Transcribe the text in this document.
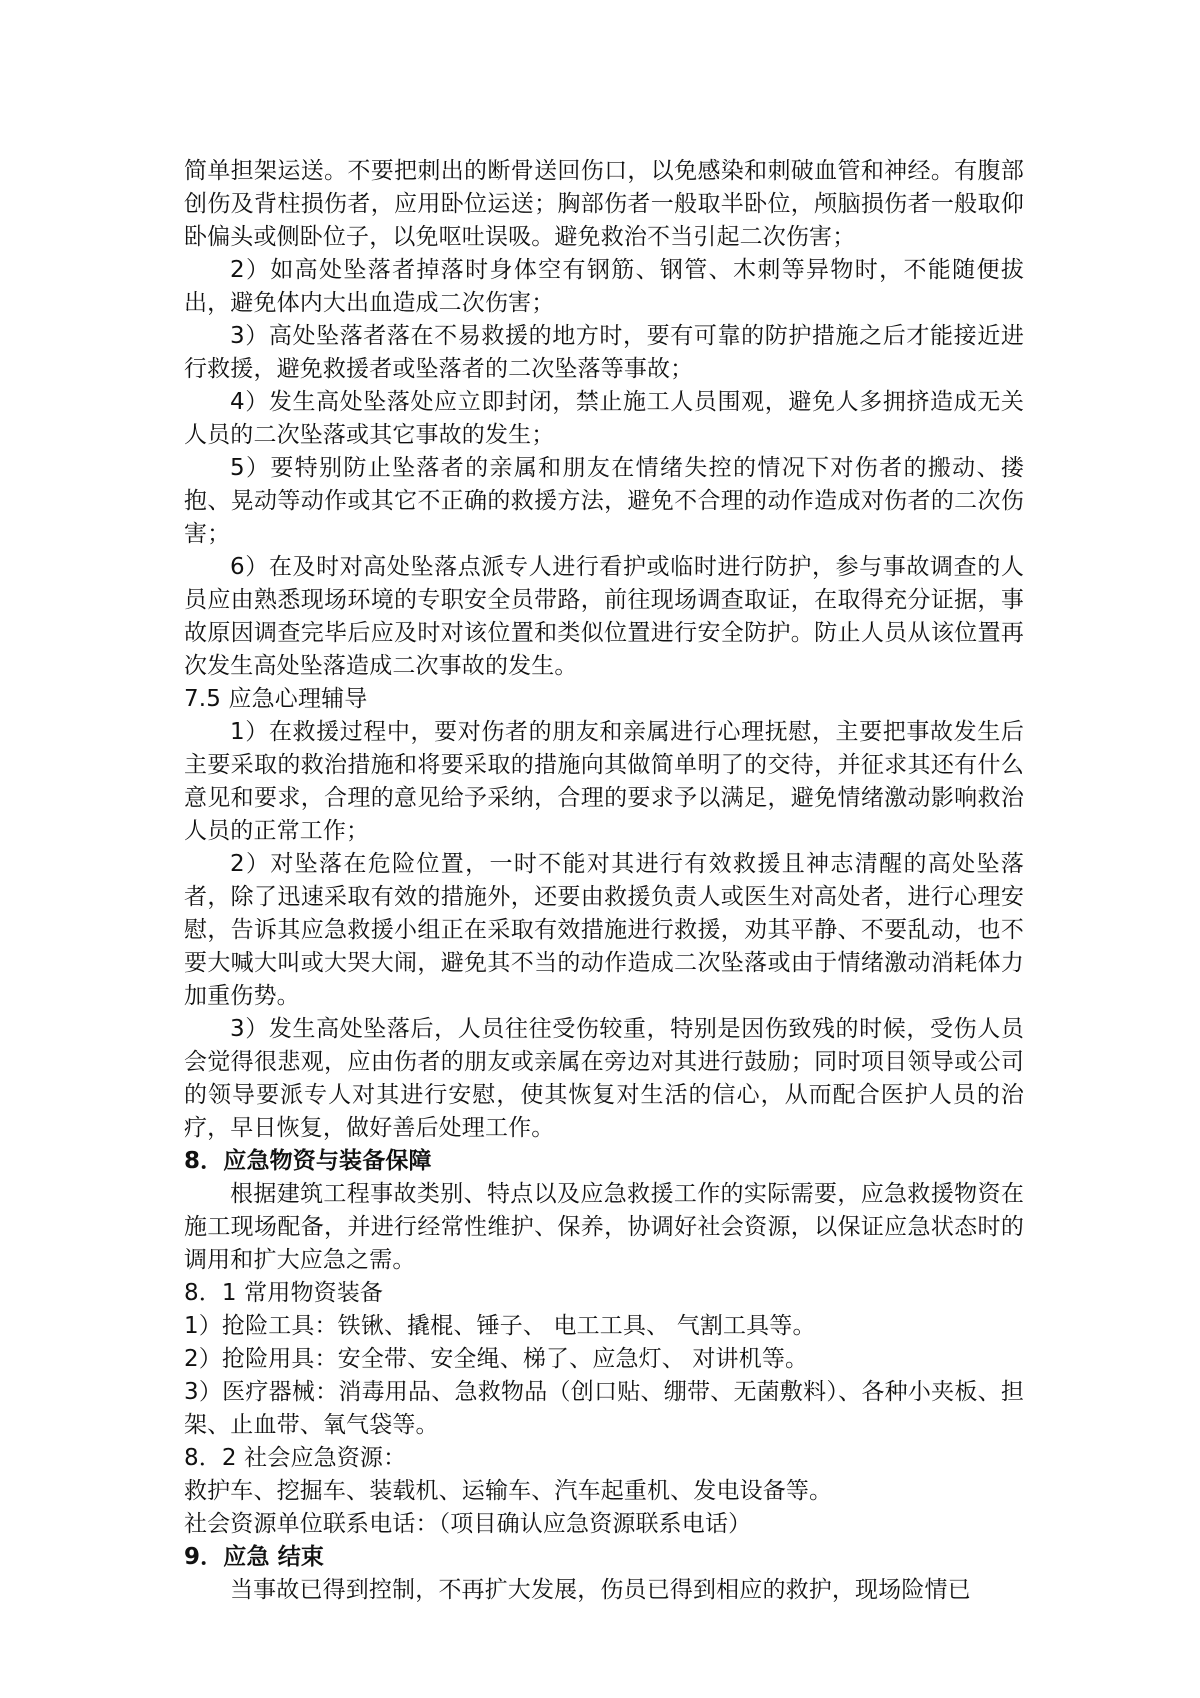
简单担架运送。不要把刺出的断骨送回伤口，以免感染和刺破血管和神经。有腹部创伤及背柱损伤者，应用卧位运送；胸部伤者一般取半卧位，颅脑损伤者一般取仰卧偏头或侧卧位子，以免呕吐误吸。避免救治不当引起二次伤害；

2）如高处坠落者掉落时身体空有钢筋、钢管、木刺等异物时，不能随便拔出，避免体内大出血造成二次伤害；

3）高处坠落者落在不易救援的地方时，要有可靠的防护措施之后才能接近进行救援，避免救援者或坠落者的二次坠落等事故；

4）发生高处坠落处应立即封闭，禁止施工人员围观，避免人多拥挤造成无关人员的二次坠落或其它事故的发生；

5）要特别防止坠落者的亲属和朋友在情绪失控的情况下对伤者的搬动、搂抱、晃动等动作或其它不正确的救援方法，避免不合理的动作造成对伤者的二次伤害；

6）在及时对高处坠落点派专人进行看护或临时进行防护，参与事故调查的人员应由熟悉现场环境的专职安全员带路，前往现场调查取证，在取得充分证据，事故原因调查完毕后应及时对该位置和类似位置进行安全防护。防止人员从该位置再次发生高处坠落造成二次事故的发生。

7.5 应急心理辅导

1）在救援过程中，要对伤者的朋友和亲属进行心理抚慰，主要把事故发生后主要采取的救治措施和将要采取的措施向其做简单明了的交待，并征求其还有什么意见和要求，合理的意见给予采纳，合理的要求予以满足，避免情绪激动影响救治人员的正常工作；

2）对坠落在危险位置，一时不能对其进行有效救援且神志清醒的高处坠落者，除了迅速采取有效的措施外，还要由救援负责人或医生对高处者，进行心理安慰，告诉其应急救援小组正在采取有效措施进行救援，劝其平静、不要乱动，也不要大喊大叫或大哭大闹，避免其不当的动作造成二次坠落或由于情绪激动消耗体力加重伤势。

3）发生高处坠落后，人员往往受伤较重，特别是因伤致残的时候，受伤人员会觉得很悲观，应由伤者的朋友或亲属在旁边对其进行鼓励；同时项目领导或公司的领导要派专人对其进行安慰，使其恢复对生活的信心，从而配合医护人员的治疗，早日恢复，做好善后处理工作。

8．应急物资与装备保障

根据建筑工程事故类别、特点以及应急救援工作的实际需要，应急救援物资在施工现场配备，并进行经常性维护、保养，协调好社会资源，以保证应急状态时的调用和扩大应急之需。

8．1 常用物资装备

1）抢险工具：铁锹、撬棍、锤子、 电工工具、 气割工具等。

2）抢险用具：安全带、安全绳、梯了、应急灯、 对讲机等。

3）医疗器械：消毒用品、急救物品（创口贴、绷带、无菌敷料）、各种小夹板、担架、止血带、氧气袋等。

8．2 社会应急资源：

救护车、挖掘车、装载机、运输车、汽车起重机、发电设备等。

社会资源单位联系电话：（项目确认应急资源联系电话）

9．应急 结束

当事故已得到控制，不再扩大发展，伤员已得到相应的救护，现场险情已
